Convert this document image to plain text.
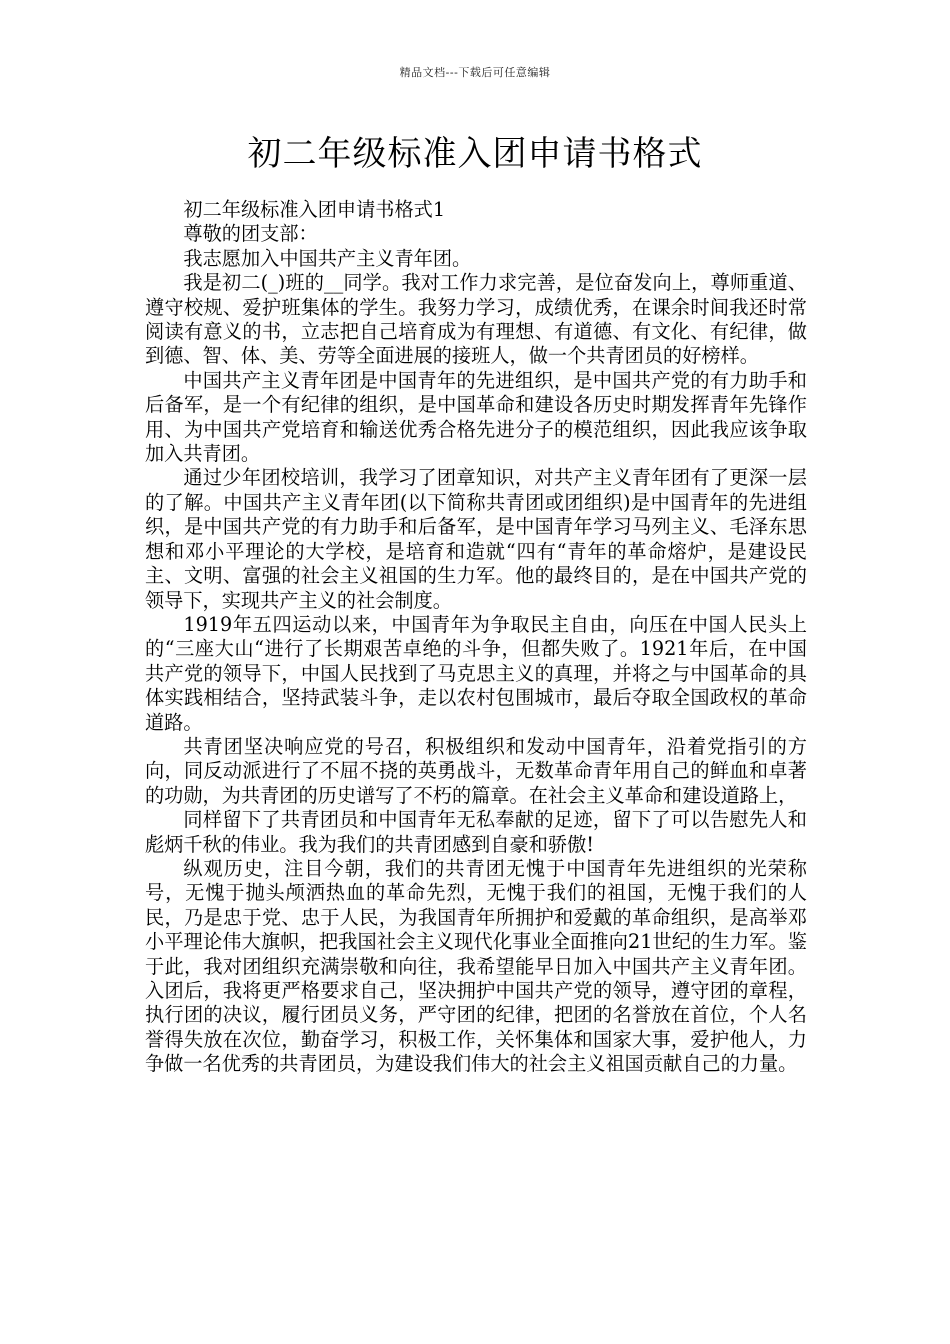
精品文档---下载后可任意编辑
初二年级标准入团申请书格式

初二年级标准入团申请书格式1

尊敬的团支部：

我志愿加入中国共产主义青年团。

我是初二(_)班的__同学。我对工作力求完善，是位奋发向上，尊师重道、遵守校规、爱护班集体的学生。我努力学习，成绩优秀，在课余时间我还时常阅读有意义的书，立志把自己培育成为有理想、有道德、有文化、有纪律，做到德、智、体、美、劳等全面进展的接班人，做一个共青团员的好榜样。

中国共产主义青年团是中国青年的先进组织，是中国共产党的有力助手和后备军，是一个有纪律的组织，是中国革命和建设各历史时期发挥青年先锋作用、为中国共产党培育和输送优秀合格先进分子的模范组织，因此我应该争取加入共青团。

通过少年团校培训，我学习了团章知识，对共产主义青年团有了更深一层的了解。中国共产主义青年团(以下简称共青团或团组织)是中国青年的先进组织，是中国共产党的有力助手和后备军，是中国青年学习马列主义、毛泽东思想和邓小平理论的大学校，是培育和造就“四有“青年的革命熔炉，是建设民主、文明、富强的社会主义祖国的生力军。他的最终目的，是在中国共产党的领导下，实现共产主义的社会制度。

1919年五四运动以来，中国青年为争取民主自由，向压在中国人民头上的“三座大山“进行了长期艰苦卓绝的斗争，但都失败了。1921年后，在中国共产党的领导下，中国人民找到了马克思主义的真理，并将之与中国革命的具体实践相结合，坚持武装斗争，走以农村包围城市，最后夺取全国政权的革命道路。

共青团坚决响应党的号召，积极组织和发动中国青年，沿着党指引的方向，同反动派进行了不屈不挠的英勇战斗，无数革命青年用自己的鲜血和卓著的功勋，为共青团的历史谱写了不朽的篇章。在社会主义革命和建设道路上，

同样留下了共青团员和中国青年无私奉献的足迹，留下了可以告慰先人和彪炳千秋的伟业。我为我们的共青团感到自豪和骄傲!

纵观历史，注目今朝，我们的共青团无愧于中国青年先进组织的光荣称号，无愧于抛头颅洒热血的革命先烈，无愧于我们的祖国，无愧于我们的人民，乃是忠于党、忠于人民，为我国青年所拥护和爱戴的革命组织，是高举邓小平理论伟大旗帜，把我国社会主义现代化事业全面推向21世纪的生力军。鉴于此，我对团组织充满崇敬和向往，我希望能早日加入中国共产主义青年团。入团后，我将更严格要求自己，坚决拥护中国共产党的领导，遵守团的章程，执行团的决议，履行团员义务，严守团的纪律，把团的名誉放在首位，个人名誉得失放在次位，勤奋学习，积极工作，关怀集体和国家大事，爱护他人，力争做一名优秀的共青团员，为建设我们伟大的社会主义祖国贡献自己的力量。
